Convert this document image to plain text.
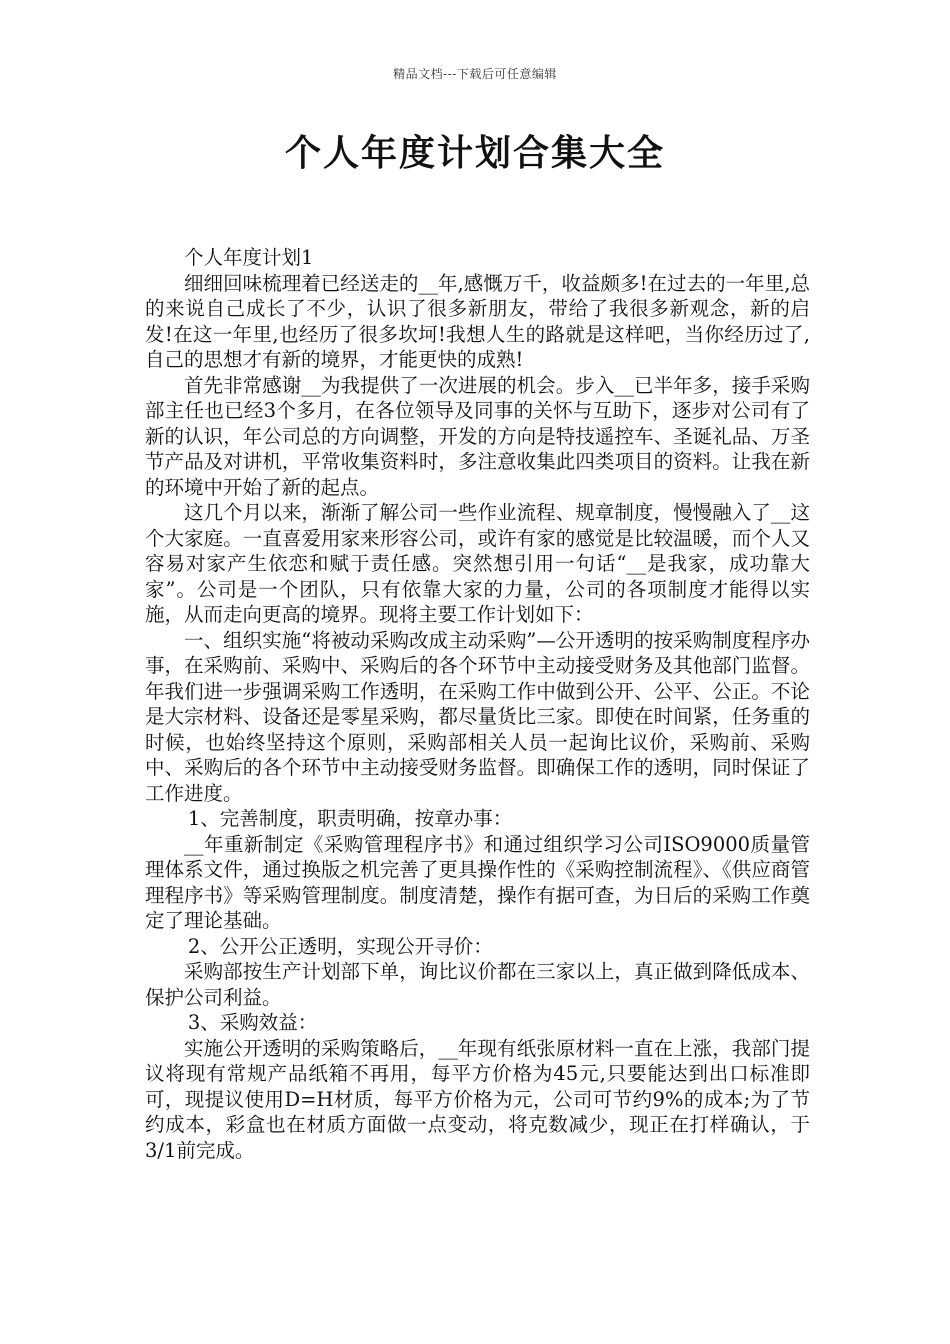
精品文档---下载后可任意编辑
个人年度计划合集大全

个人年度计划1

细细回味梳理着已经送走的__年,感慨万千，收益颇多!在过去的一年里,总的来说自己成长了不少，认识了很多新朋友，带给了我很多新观念，新的启发!在这一年里,也经历了很多坎坷!我想人生的路就是这样吧，当你经历过了,自己的思想才有新的境界，才能更快的成熟!

首先非常感谢__为我提供了一次进展的机会。步入__已半年多，接手采购部主任也已经3个多月，在各位领导及同事的关怀与互助下，逐步对公司有了新的认识，年公司总的方向调整，开发的方向是特技遥控车、圣诞礼品、万圣节产品及对讲机，平常收集资料时，多注意收集此四类项目的资料。让我在新的环境中开始了新的起点。

这几个月以来，渐渐了解公司一些作业流程、规章制度，慢慢融入了__这个大家庭。一直喜爱用家来形容公司，或许有家的感觉是比较温暖，而个人又容易对家产生依恋和赋于责任感。突然想引用一句话“__是我家，成功靠大家”。公司是一个团队，只有依靠大家的力量，公司的各项制度才能得以实施，从而走向更高的境界。现将主要工作计划如下：

一、组织实施“将被动采购改成主动采购”—公开透明的按采购制度程序办事，在采购前、采购中、采购后的各个环节中主动接受财务及其他部门监督。年我们进一步强调采购工作透明，在采购工作中做到公开、公平、公正。不论是大宗材料、设备还是零星采购，都尽量货比三家。即使在时间紧，任务重的时候，也始终坚持这个原则，采购部相关人员一起询比议价，采购前、采购中、采购后的各个环节中主动接受财务监督。即确保工作的透明，同时保证了工作进度。

1、完善制度，职责明确，按章办事：

__年重新制定《采购管理程序书》和通过组织学习公司ISO9000质量管理体系文件，通过换版之机完善了更具操作性的《采购控制流程》、《供应商管理程序书》等采购管理制度。制度清楚，操作有据可查，为日后的采购工作奠定了理论基础。

2、公开公正透明，实现公开寻价：

采购部按生产计划部下单，询比议价都在三家以上，真正做到降低成本、保护公司利益。

3、采购效益：

实施公开透明的采购策略后，__年现有纸张原材料一直在上涨，我部门提议将现有常规产品纸箱不再用，每平方价格为45元,只要能达到出口标准即可，现提议使用D=H材质，每平方价格为元，公司可节约9%的成本;为了节约成本，彩盒也在材质方面做一点变动，将克数减少，现正在打样确认，于3/1前完成。
